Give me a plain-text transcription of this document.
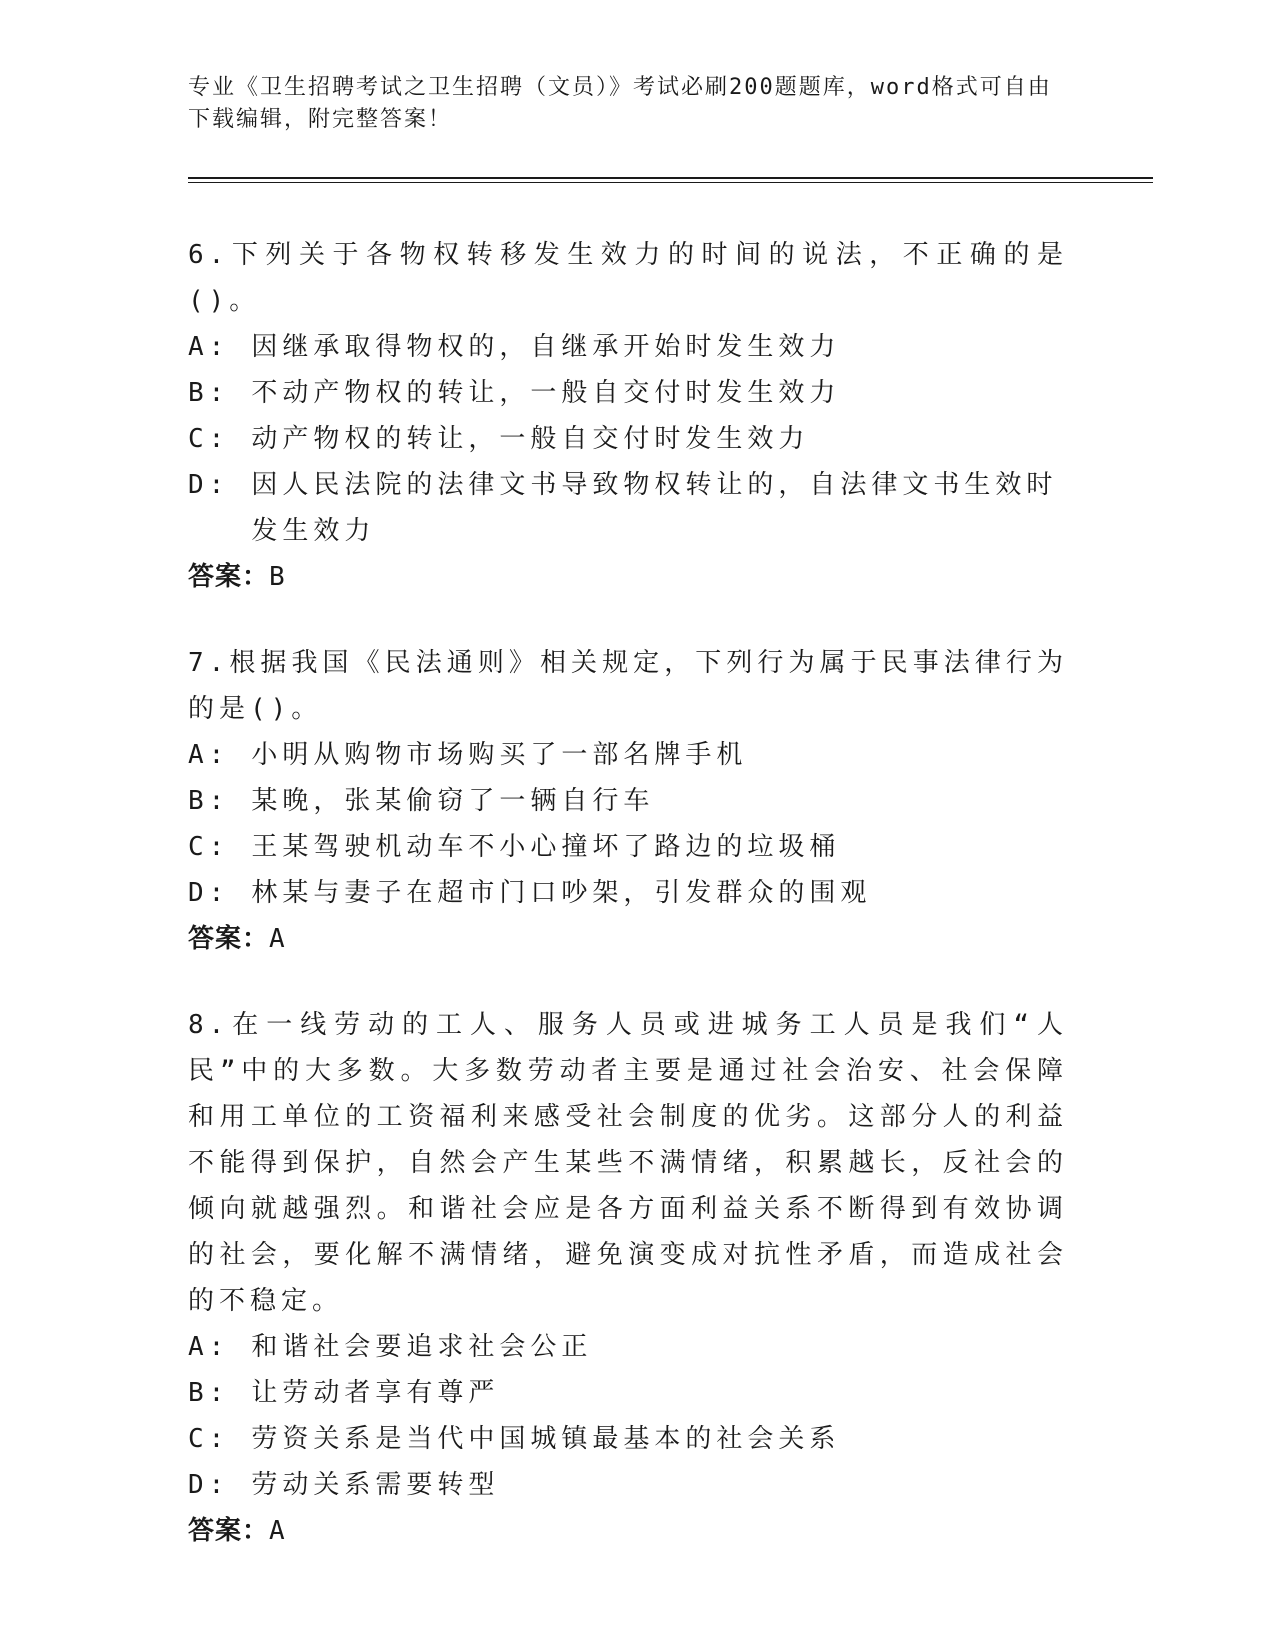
专业《卫生招聘考试之卫生招聘（文员）》考试必刷200题题库，word格式可自由下载编辑，附完整答案！
6.下列关于各物权转移发生效力的时间的说法，不正确的是()。
A: 因继承取得物权的，自继承开始时发生效力
B: 不动产物权的转让，一般自交付时发生效力
C: 动产物权的转让，一般自交付时发生效力
D: 因人民法院的法律文书导致物权转让的，自法律文书生效时发生效力
答案：B
7.根据我国《民法通则》相关规定，下列行为属于民事法律行为的是()。
A: 小明从购物市场购买了一部名牌手机
B: 某晚，张某偷窃了一辆自行车
C: 王某驾驶机动车不小心撞坏了路边的垃圾桶
D: 林某与妻子在超市门口吵架，引发群众的围观
答案：A
8.在一线劳动的工人、服务人员或进城务工人员是我们“人民”中的大多数。大多数劳动者主要是通过社会治安、社会保障和用工单位的工资福利来感受社会制度的优劣。这部分人的利益不能得到保护，自然会产生某些不满情绪，积累越长，反社会的倾向就越强烈。和谐社会应是各方面利益关系不断得到有效协调的社会，要化解不满情绪，避免演变成对抗性矛盾，而造成社会的不稳定。
A: 和谐社会要追求社会公正
B: 让劳动者享有尊严
C: 劳资关系是当代中国城镇最基本的社会关系
D: 劳动关系需要转型
答案：A
